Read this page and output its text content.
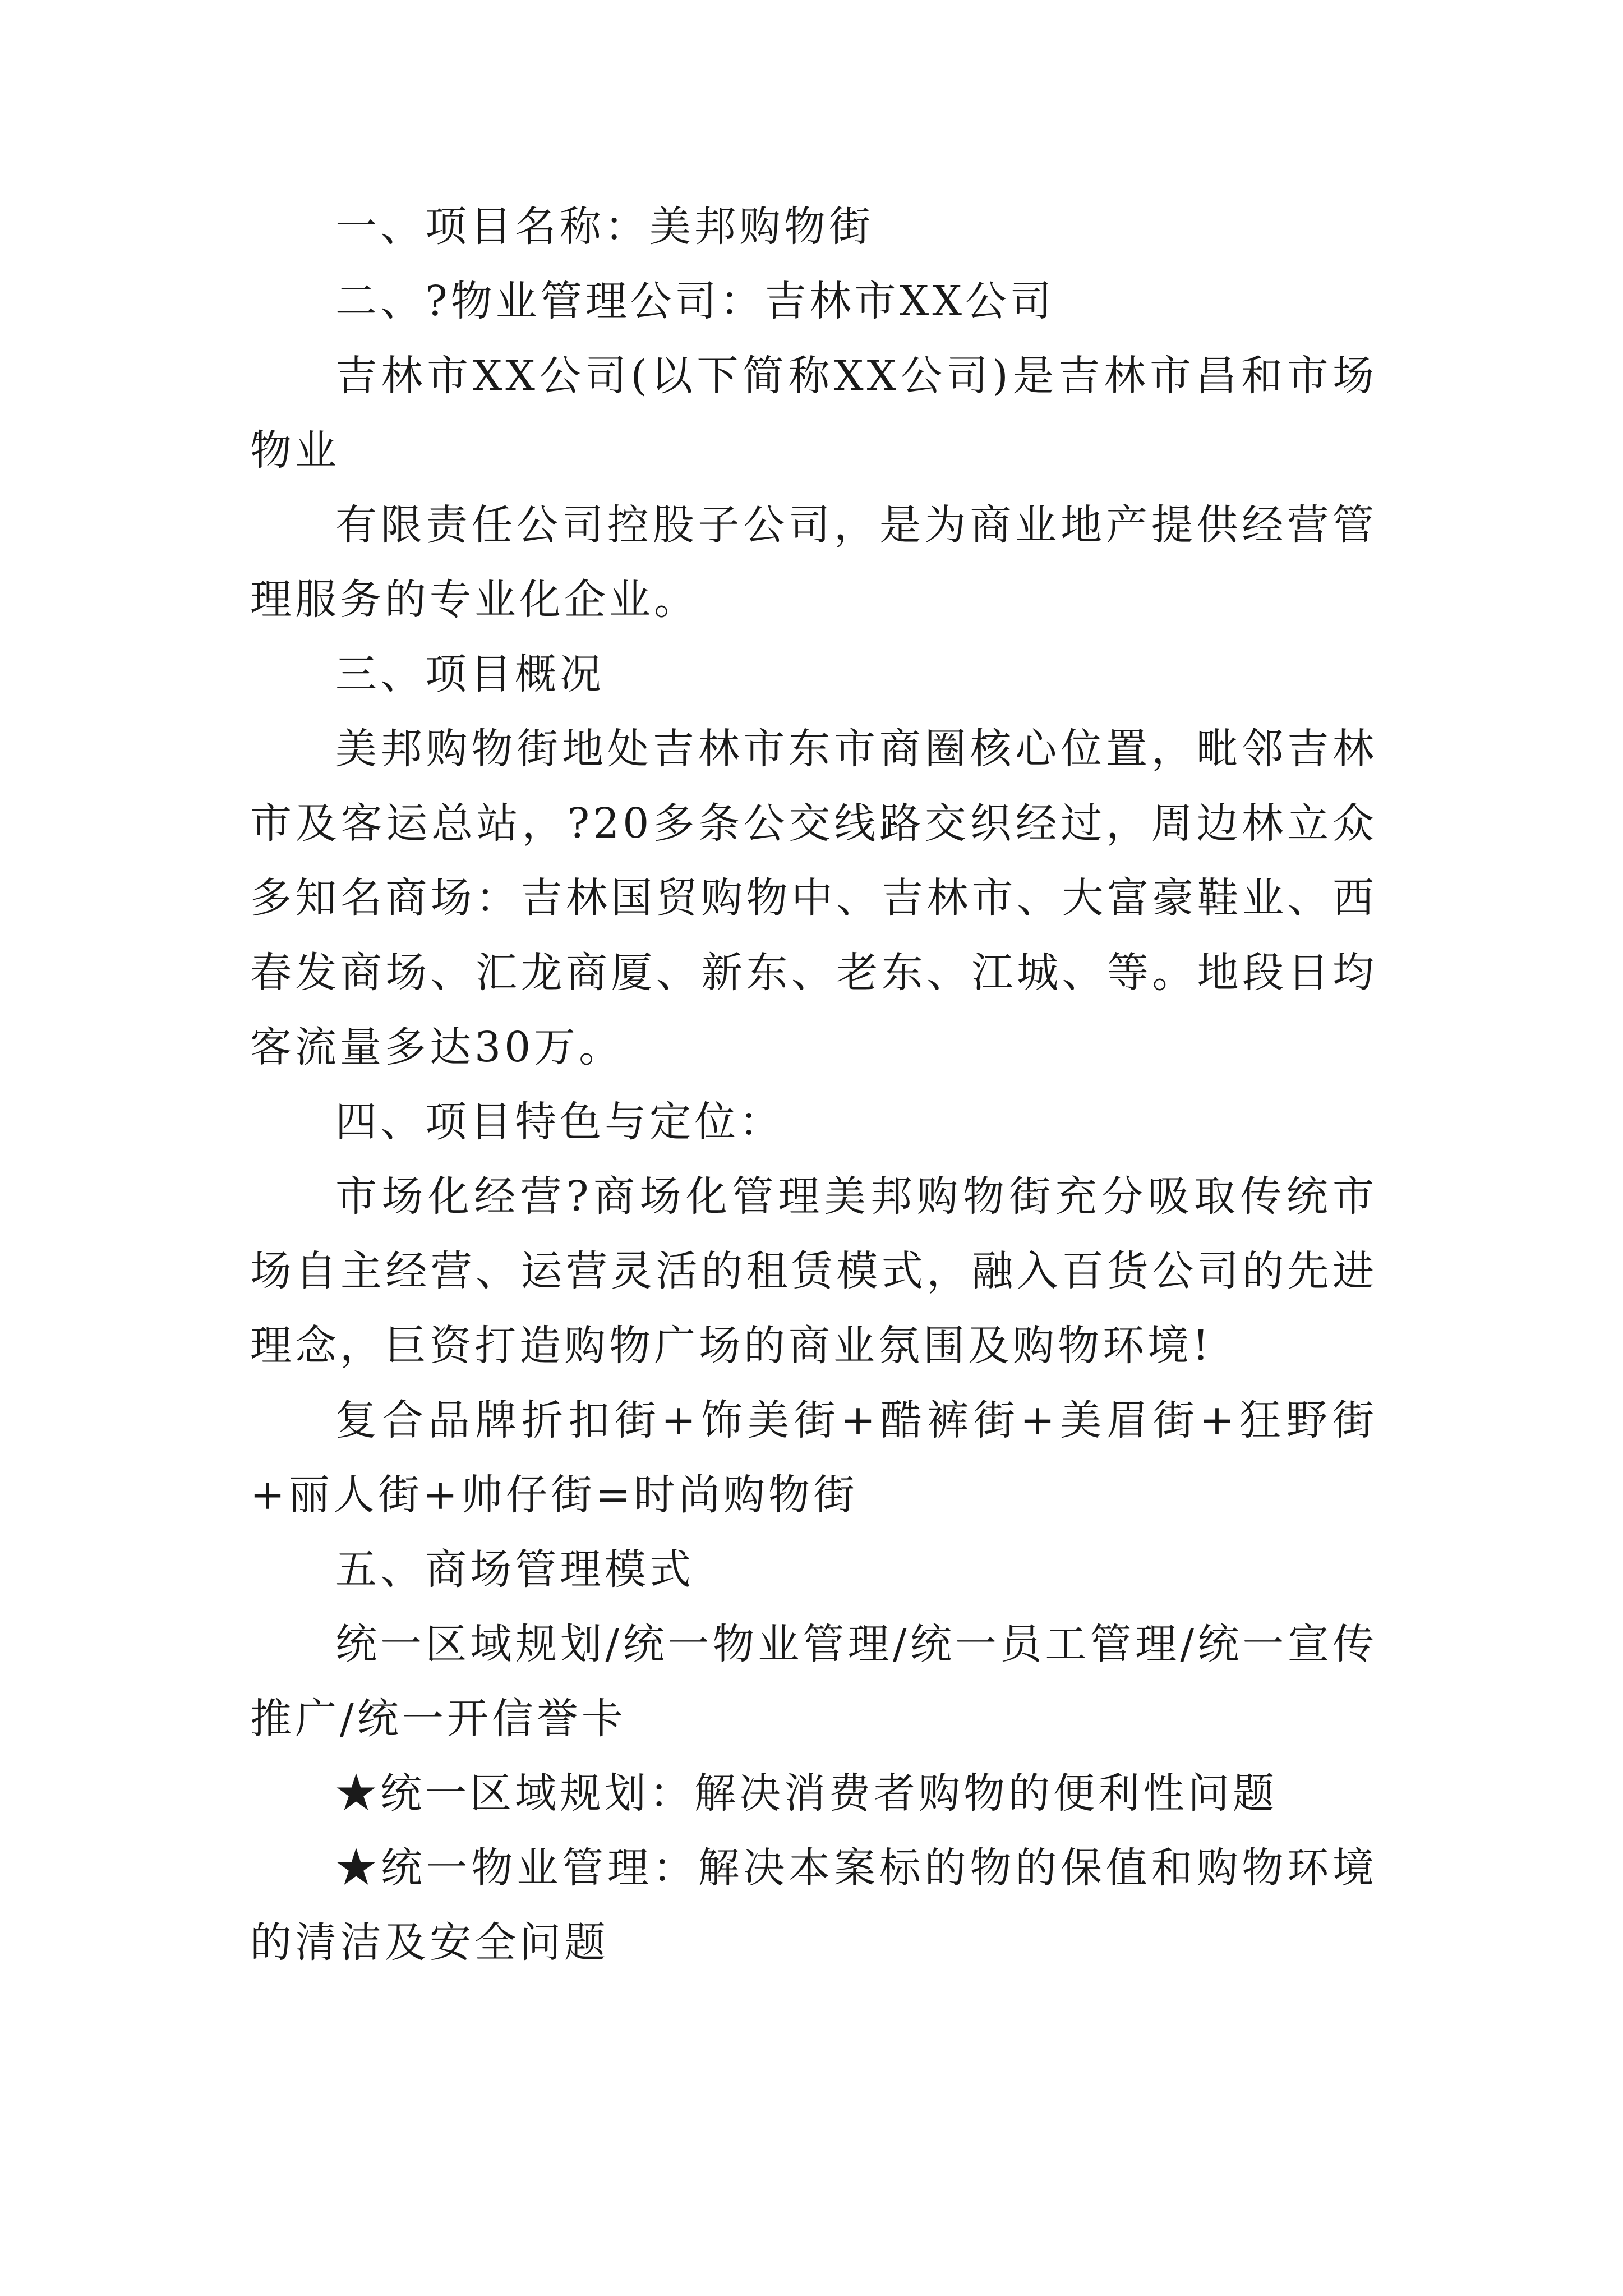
一、项目名称：美邦购物街

二、?物业管理公司：吉林市XX公司

吉林市XX公司(以下简称XX公司)是吉林市昌和市场物业

有限责任公司控股子公司，是为商业地产提供经营管理服务的专业化企业。

三、项目概况

美邦购物街地处吉林市东市商圈核心位置，毗邻吉林市及客运总站，?20多条公交线路交织经过，周边林立众多知名商场：吉林国贸购物中、吉林市、大富豪鞋业、西春发商场、汇龙商厦、新东、老东、江城、等。地段日均客流量多达30万。

四、项目特色与定位：

市场化经营?商场化管理美邦购物街充分吸取传统市场自主经营、运营灵活的租赁模式，融入百货公司的先进理念，巨资打造购物广场的商业氛围及购物环境!

复合品牌折扣街+饰美街+酷裤街+美眉街+狂野街+丽人街+帅仔街=时尚购物街

五、商场管理模式

统一区域规划/统一物业管理/统一员工管理/统一宣传推广/统一开信誉卡

★统一区域规划：解决消费者购物的便利性问题

★统一物业管理：解决本案标的物的保值和购物环境的清洁及安全问题
